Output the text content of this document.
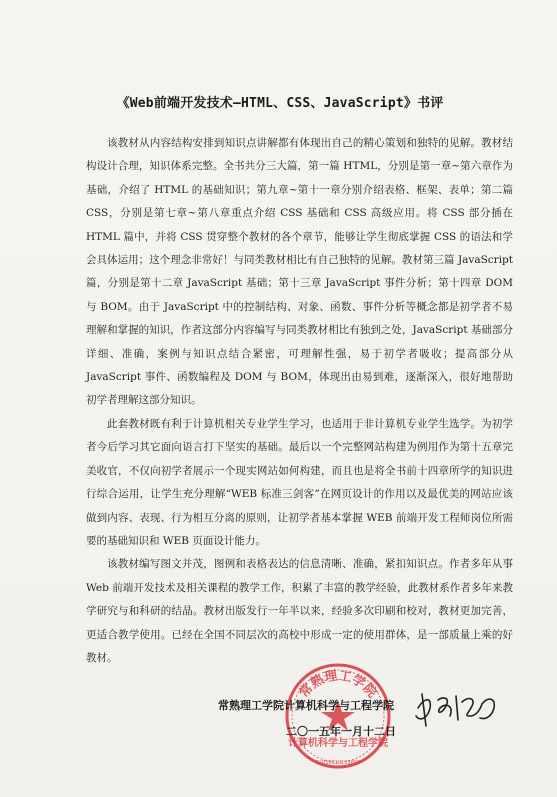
《Web前端开发技术—HTML、CSS、JavaScript》书评

该教材从内容结构安排到知识点讲解都有体现出自己的精心策划和独特的见解。教材结构设计合理，知识体系完整。全书共分三大篇，第一篇 HTML，分别是第一章~第六章作为基础，介绍了 HTML 的基础知识；第九章~第十一章分别介绍表格、框架、表单；第二篇 CSS，分别是第七章~第八章重点介绍 CSS 基础和 CSS 高级应用。将 CSS 部分插在 HTML 篇中，并将 CSS 贯穿整个教材的各个章节，能够让学生彻底掌握 CSS 的语法和学会具体运用；这个理念非常好！与同类教材相比有自己独特的见解。教材第三篇 JavaScript 篇，分别是第十二章 JavaScript 基础；第十三章 JavaScript 事件分析；第十四章 DOM 与 BOM。由于 JavaScript 中的控制结构、对象、函数、事件分析等概念都是初学者不易理解和掌握的知识，作者这部分内容编写与同类教材相比有独到之处，JavaScript 基础部分详细、准确，案例与知识点结合紧密，可理解性强，易于初学者吸收；提高部分从 JavaScript 事件、函数编程及 DOM 与 BOM，体现出由易到难，逐渐深入，很好地帮助初学者理解这部分知识。

此套教材既有利于计算机相关专业学生学习，也适用于非计算机专业学生选学。为初学者今后学习其它面向语言打下坚实的基础。最后以一个完整网站构建为例用作为第十五章完美收官，不仅向初学者展示一个现实网站如何构建，而且也是将全书前十四章所学的知识进行综合运用，让学生充分理解“WEB 标准三剑客”在网页设计的作用以及最优美的网站应该做到内容、表现、行为相互分离的原则，让初学者基本掌握 WEB 前端开发工程师岗位所需要的基础知识和 WEB 页面设计能力。

该教材编写图文并茂，图例和表格表达的信息清晰、准确，紧扣知识点。作者多年从事 Web 前端开发技术及相关课程的教学工作，积累了丰富的教学经验，此教材系作者多年来教学研究与和科研的结晶。教材出版发行一年半以来，经验多次印刷和校对，教材更加完善，更适合教学使用。已经在全国不同层次的高校中形成一定的使用群体，是一部质量上乘的好教材。

常熟理工学院
计算机科学与工程学院
32058610129893
常熟理工学院计算机科学与工程学院
二〇一五年一月十二日
